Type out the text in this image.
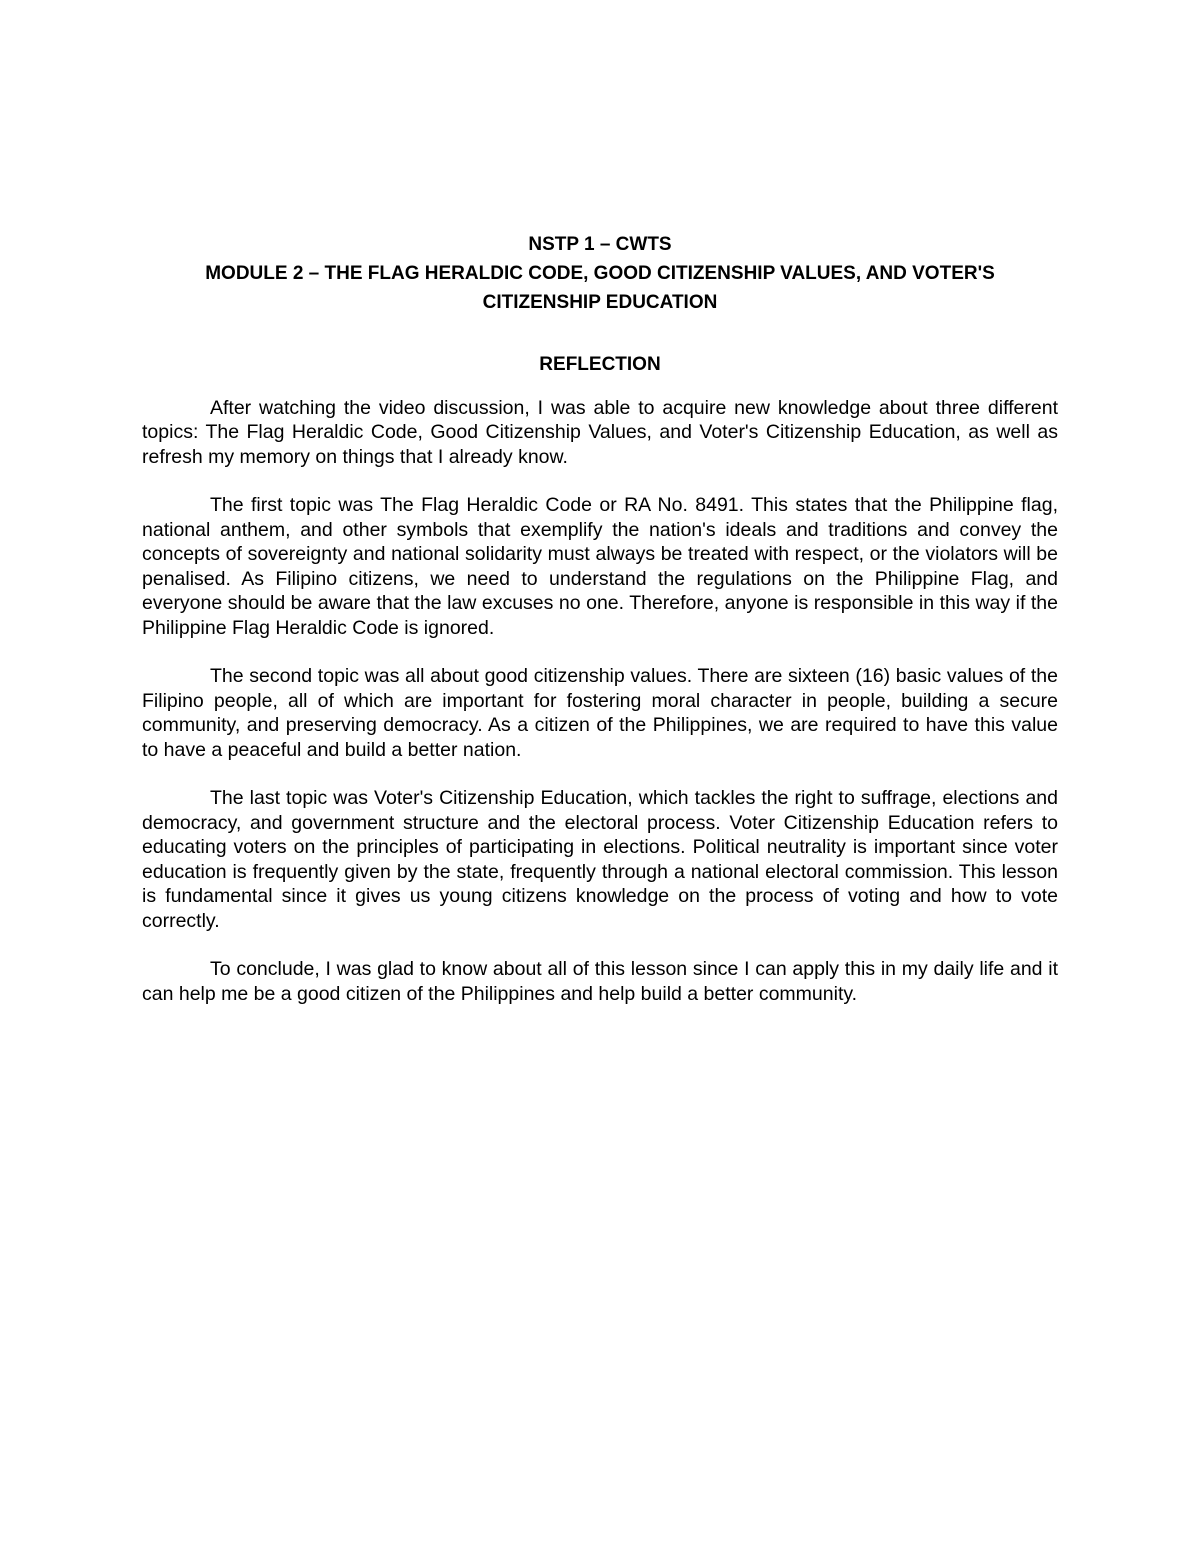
NSTP 1 – CWTS

MODULE 2 – THE FLAG HERALDIC CODE, GOOD CITIZENSHIP VALUES, AND VOTER'S

CITIZENSHIP EDUCATION

REFLECTION

After watching the video discussion, I was able to acquire new knowledge about three different topics: The Flag Heraldic Code, Good Citizenship Values, and Voter's Citizenship Education, as well as refresh my memory on things that I already know.

The first topic was The Flag Heraldic Code or RA No. 8491. This states that the Philippine flag, national anthem, and other symbols that exemplify the nation's ideals and traditions and convey the concepts of sovereignty and national solidarity must always be treated with respect, or the violators will be penalised. As Filipino citizens, we need to understand the regulations on the Philippine Flag, and everyone should be aware that the law excuses no one. Therefore, anyone is responsible in this way if the Philippine Flag Heraldic Code is ignored.

The second topic was all about good citizenship values. There are sixteen (16) basic values of the Filipino people, all of which are important for fostering moral character in people, building a secure community, and preserving democracy. As a citizen of the Philippines, we are required to have this value to have a peaceful and build a better nation.

The last topic was Voter's Citizenship Education, which tackles the right to suffrage, elections and democracy, and government structure and the electoral process. Voter Citizenship Education refers to educating voters on the principles of participating in elections. Political neutrality is important since voter education is frequently given by the state, frequently through a national electoral commission. This lesson is fundamental since it gives us young citizens knowledge on the process of voting and how to vote correctly.

To conclude, I was glad to know about all of this lesson since I can apply this in my daily life and it can help me be a good citizen of the Philippines and help build a better community.
